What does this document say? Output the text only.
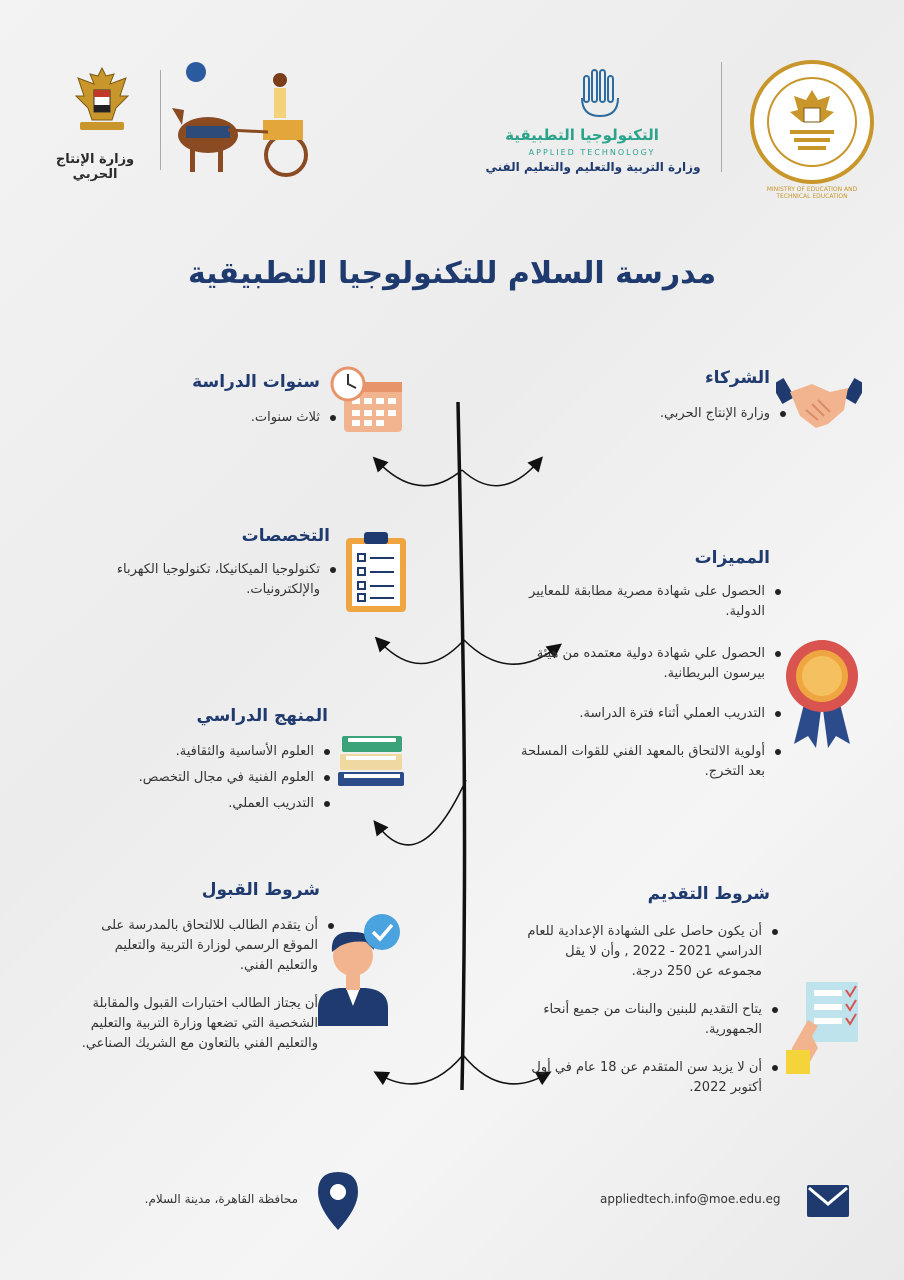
وزارة الإنتاج الحربي
التكنولوجيا التطبيقية
APPLIED TECHNOLOGY
وزارة التربية والتعليم والتعليم الفني
MINISTRY OF EDUCATION AND TECHNICAL EDUCATION
مدرسة السلام للتكنولوجيا التطبيقية
الشركاء
وزارة الإنتاج الحربي.
المميزات
الحصول على شهادة مصرية مطابقة للمعايير الدولية.
الحصول علي شهادة دولية معتمده من هيئة بيرسون البريطانية.
التدريب العملي أثناء فترة الدراسة.
أولوية الالتحاق بالمعهد الفني للقوات المسلحة بعد التخرج.
شروط التقديم
أن يكون حاصل على الشهادة الإعدادية للعام الدراسي 2021 - 2022 , وأن لا يقل مجموعه عن 250 درجة.
يتاح التقديم للبنين والبنات من جميع أنحاء الجمهورية.
أن لا يزيد سن المتقدم عن 18 عام في أول أكتوبر 2022.
سنوات الدراسة
ثلاث سنوات.
التخصصات
تكنولوجيا الميكانيكا، تكنولوجيا الكهرباء والإلكترونيات.
المنهج الدراسي
العلوم الأساسية والثقافية.
العلوم الفنية في مجال التخصص.
التدريب العملي.
شروط القبول
أن يتقدم الطالب للالتحاق بالمدرسة على الموقع الرسمي لوزارة التربية والتعليم والتعليم الفني.
أن يجتاز الطالب اختبارات القبول والمقابلة الشخصية التي تضعها وزارة التربية والتعليم والتعليم الفني بالتعاون مع الشريك الصناعي.
محافظة القاهرة، مدينة السلام.	appliedtech.info@moe.edu.eg
